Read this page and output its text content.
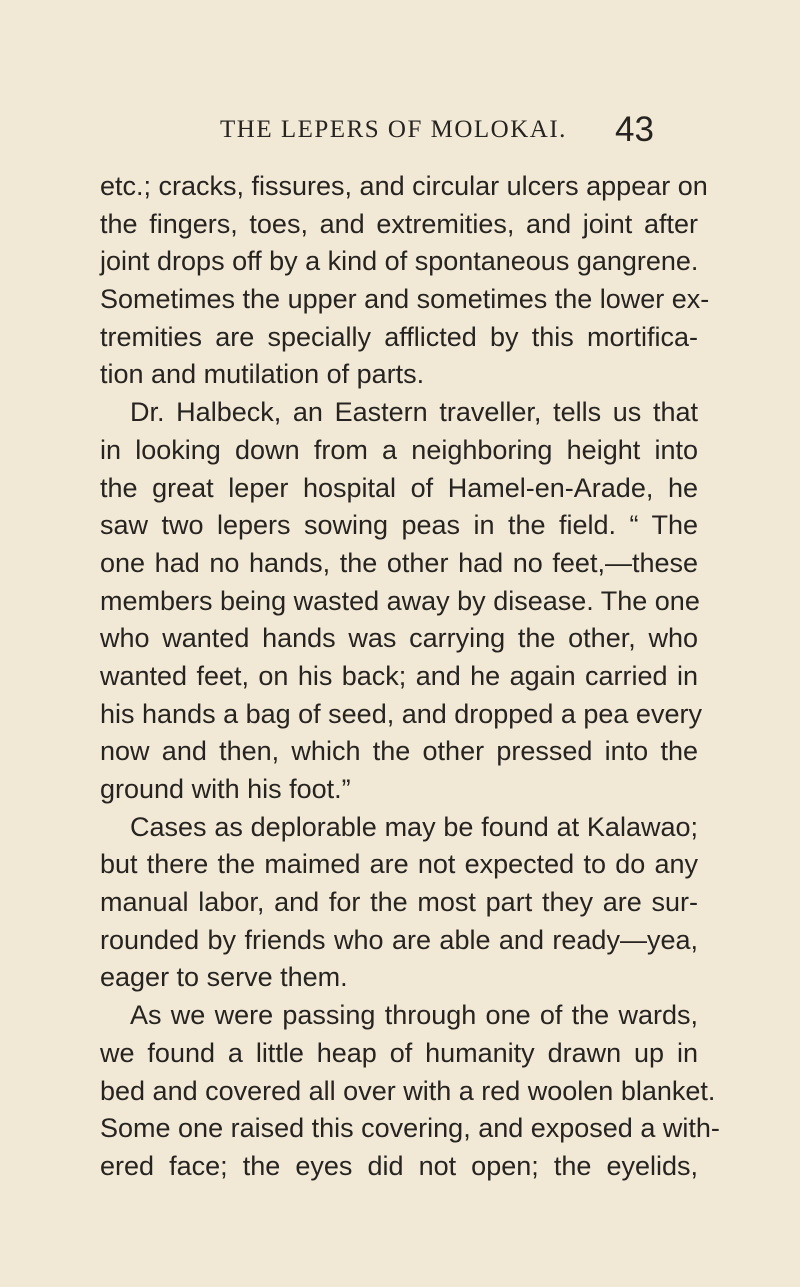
THE LEPERS OF MOLOKAI. 43
etc.; cracks, fissures, and circular ulcers appear on
the fingers, toes, and extremities, and joint after
joint drops off by a kind of spontaneous gangrene.
Sometimes the upper and sometimes the lower ex-
tremities are specially afflicted by this mortifica-
tion and mutilation of parts.
Dr. Halbeck, an Eastern traveller, tells us that
in looking down from a neighboring height into
the great leper hospital of Hamel-en-Arade, he
saw two lepers sowing peas in the field. “ The
one had no hands, the other had no feet,—these
members being wasted away by disease. The one
who wanted hands was carrying the other, who
wanted feet, on his back; and he again carried in
his hands a bag of seed, and dropped a pea every
now and then, which the other pressed into the
ground with his foot.”
Cases as deplorable may be found at Kalawao;
but there the maimed are not expected to do any
manual labor, and for the most part they are sur-
rounded by friends who are able and ready—yea,
eager to serve them.
As we were passing through one of the wards,
we found a little heap of humanity drawn up in
bed and covered all over with a red woolen blanket.
Some one raised this covering, and exposed a with-
ered face; the eyes did not open; the eyelids,
